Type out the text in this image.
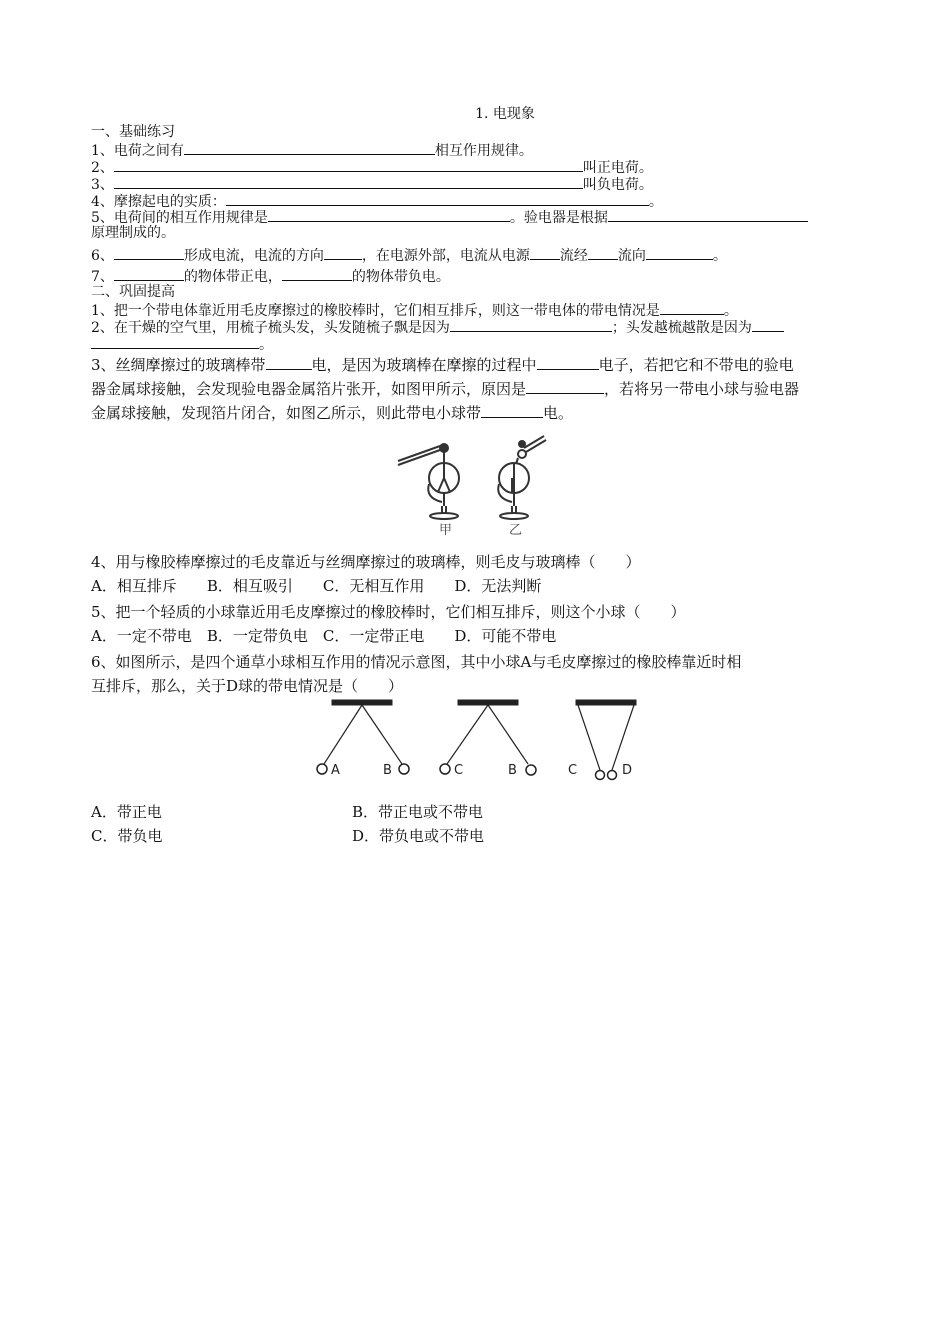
1. 电现象
一、基础练习
1、电荷之间有	相互作用规律。
2、	叫正电荷。
3、	叫负电荷。
4、摩擦起电的实质：	。
5、电荷间的相互作用规律是	。验电器是根据
原理制成的。
6、	形成电流，电流的方向	，在电源外部，电流从电源 流经 流向	。
7、	的物体带正电，	的物体带负电。
二、巩固提高
1、把一个带电体靠近用毛皮摩擦过的橡胶棒时，它们相互排斥，则这一带电体的带电情况是	。
2、在干燥的空气里，用梳子梳头发，头发随梳子飘是因为	；头发越梳越散是因为
。
3、丝绸摩擦过的玻璃棒带	电，是因为玻璃棒在摩擦的过程中	电子，若把它和不带电的验电
器金属球接触，会发现验电器金属箔片张开，如图甲所示，原因是	，若将另一带电小球与验电器
金属球接触，发现箔片闭合，如图乙所示，则此带电小球带	电。
甲	乙
4、用与橡胶棒摩擦过的毛皮靠近与丝绸摩擦过的玻璃棒，则毛皮与玻璃棒（　　）
A．相互排斥　　B．相互吸引　　C．无相互作用　　D．无法判断
5、把一个轻质的小球靠近用毛皮摩擦过的橡胶棒时，它们相互排斥，则这个小球（　　）
A．一定不带电　B．一定带负电　C．一定带正电　　D．可能不带电
6、如图所示，是四个通草小球相互作用的情况示意图，其中小球A与毛皮摩擦过的橡胶棒靠近时相
互排斥，那么，关于D球的带电情况是（　　）
A	B	C	B	C	D
A．带正电	B．带正电或不带电
C．带负电	D．带负电或不带电
